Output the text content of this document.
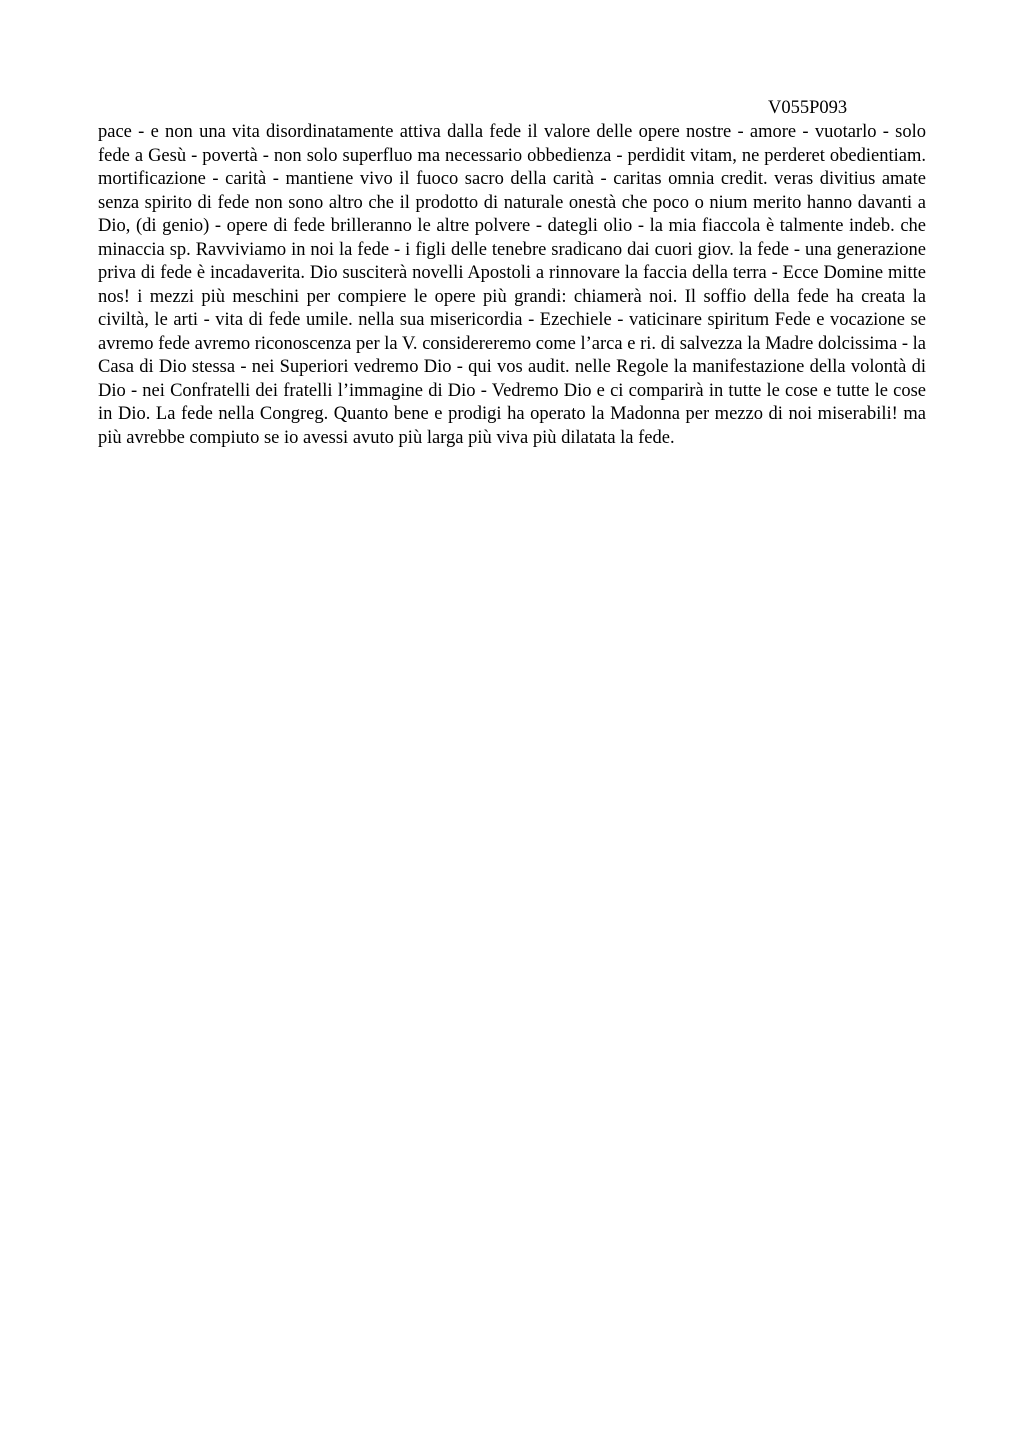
V055P093

pace - e non una vita disordinatamente attiva dalla fede il valore delle opere nostre - amore - vuotarlo - solo fede a Gesù - povertà - non solo superfluo ma necessario obbedienza - perdidit vitam, ne perderet obedientiam. mortificazione - carità - mantiene vivo il fuoco sacro della carità - caritas omnia credit. veras divitius amate senza spirito di fede non sono altro che il prodotto di naturale onestà che poco o nium merito hanno davanti a Dio, (di genio) - opere di fede brilleranno le altre polvere - dategli olio - la mia fiaccola è talmente indeb. che minaccia sp. Ravviviamo in noi la fede - i figli delle tenebre sradicano dai cuori giov. la fede - una generazione priva di fede è incadaverita. Dio susciterà novelli Apostoli a rinnovare la faccia della terra - Ecce Domine mitte nos! i mezzi più meschini per compiere le opere più grandi: chiamerà noi. Il soffio della fede ha creata la civiltà, le arti - vita di fede umile. nella sua misericordia - Ezechiele - vaticinare spiritum Fede e vocazione se avremo fede avremo riconoscenza per la V. considereremo come l’arca e ri. di salvezza la Madre dolcissima - la Casa di Dio stessa - nei Superiori vedremo Dio - qui vos audit. nelle Regole la manifestazione della volontà di Dio - nei Confratelli dei fratelli l’immagine di Dio - Vedremo Dio e ci comparirà in tutte le cose e tutte le cose in Dio. La fede nella Congreg. Quanto bene e prodigi ha operato la Madonna per mezzo di noi miserabili! ma più avrebbe compiuto se io avessi avuto più larga più viva più dilatata la fede.
